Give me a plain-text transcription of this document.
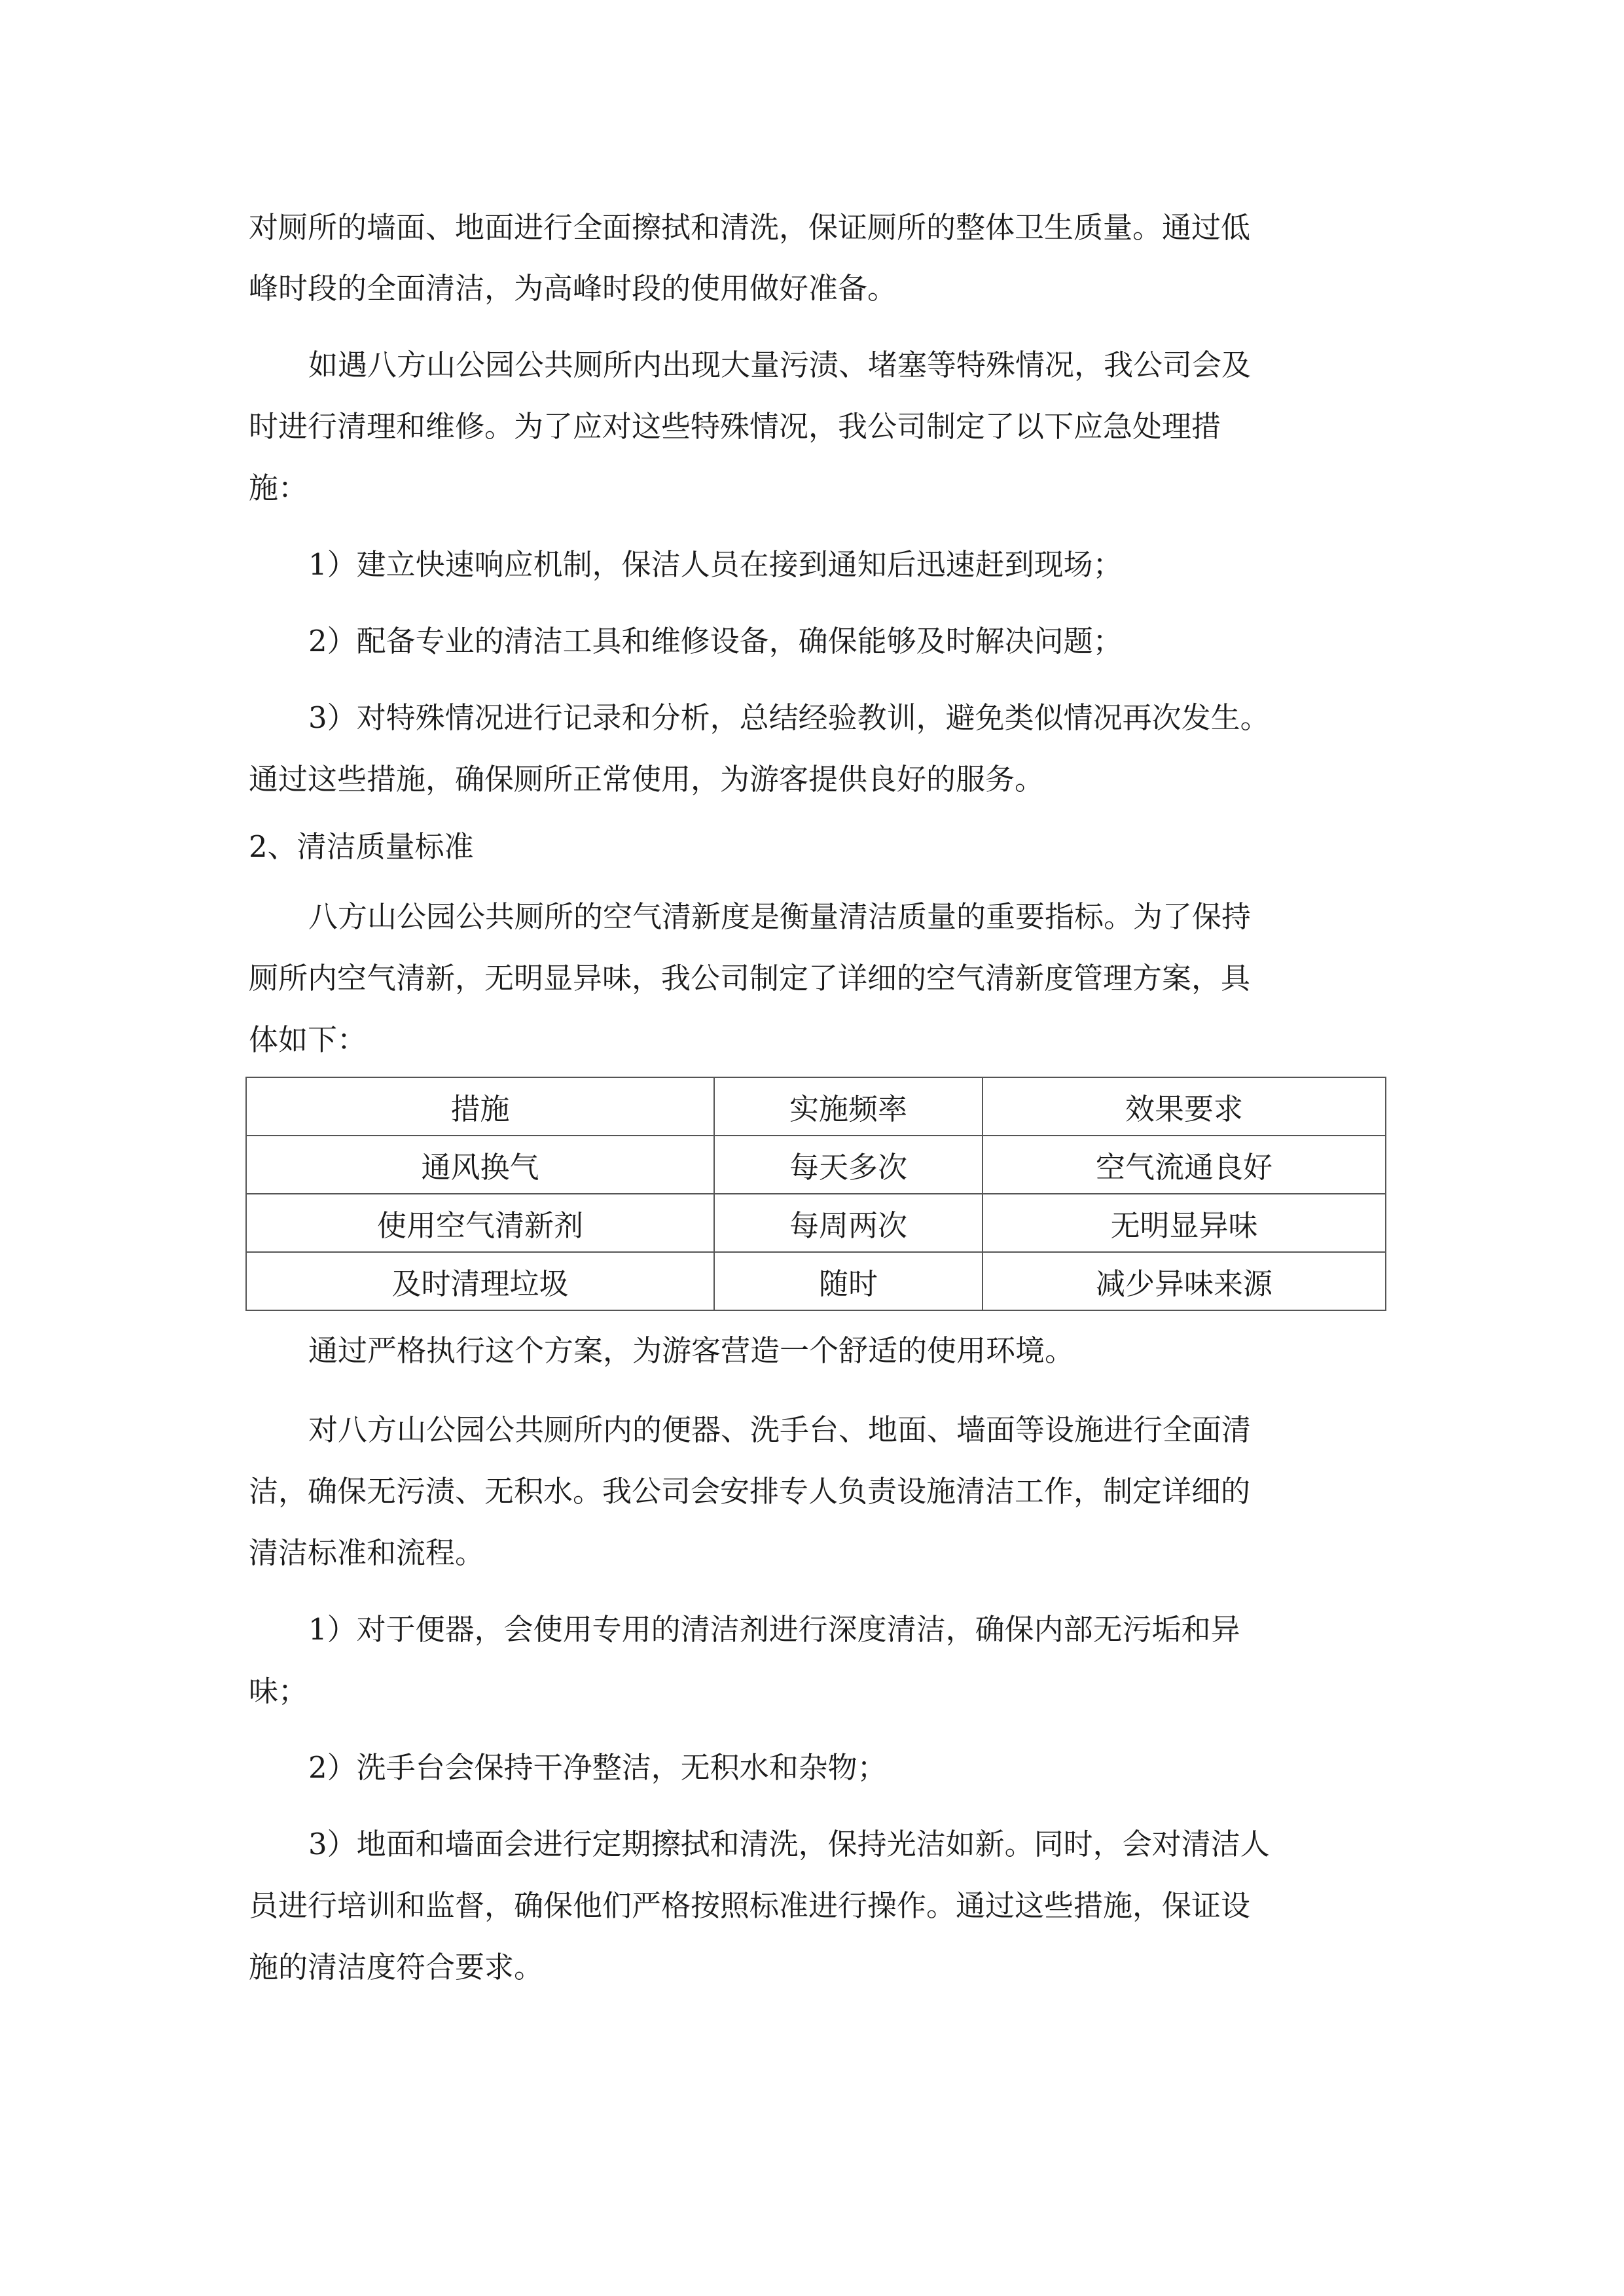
对厕所的墙面、地面进行全面擦拭和清洗，保证厕所的整体卫生质量。通过低
峰时段的全面清洁，为高峰时段的使用做好准备。
如遇八方山公园公共厕所内出现大量污渍、堵塞等特殊情况，我公司会及
时进行清理和维修。为了应对这些特殊情况，我公司制定了以下应急处理措
施：
1）建立快速响应机制，保洁人员在接到通知后迅速赶到现场；
2）配备专业的清洁工具和维修设备，确保能够及时解决问题；
3）对特殊情况进行记录和分析，总结经验教训，避免类似情况再次发生。
通过这些措施，确保厕所正常使用，为游客提供良好的服务。
2、清洁质量标准
八方山公园公共厕所的空气清新度是衡量清洁质量的重要指标。为了保持
厕所内空气清新，无明显异味，我公司制定了详细的空气清新度管理方案，具
体如下：
措施	实施频率	效果要求
通风换气	每天多次	空气流通良好
使用空气清新剂	每周两次	无明显异味
及时清理垃圾	随时	减少异味来源
通过严格执行这个方案，为游客营造一个舒适的使用环境。
对八方山公园公共厕所内的便器、洗手台、地面、墙面等设施进行全面清
洁，确保无污渍、无积水。我公司会安排专人负责设施清洁工作，制定详细的
清洁标准和流程。
1）对于便器，会使用专用的清洁剂进行深度清洁，确保内部无污垢和异
味；
2）洗手台会保持干净整洁，无积水和杂物；
3）地面和墙面会进行定期擦拭和清洗，保持光洁如新。同时，会对清洁人
员进行培训和监督，确保他们严格按照标准进行操作。通过这些措施，保证设
施的清洁度符合要求。
